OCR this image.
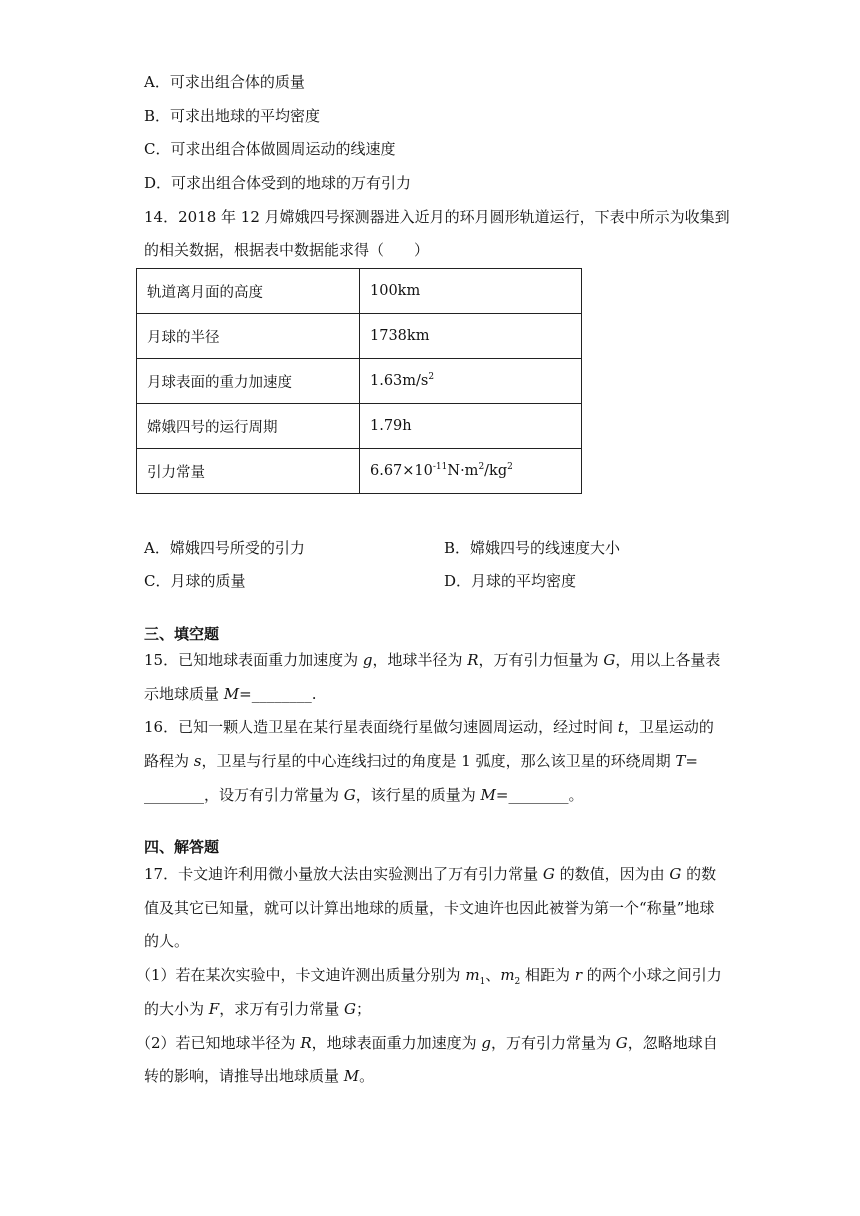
A．可求出组合体的质量
B．可求出地球的平均密度
C．可求出组合体做圆周运动的线速度
D．可求出组合体受到的地球的万有引力
14．2018 年 12 月嫦娥四号探测器进入近月的环月圆形轨道运行，下表中所示为收集到
的相关数据，根据表中数据能求得（　　）
轨道离月面的高度	100km
月球的半径	1738km
月球表面的重力加速度	$1.63m/s^2$
嫦娥四号的运行周期	1.79h
引力常量	$6.67\times 10^{-11}N\cdot m^2/kg^2$
A．嫦娥四号所受的引力	B．嫦娥四号的线速度大小
C．月球的质量	D．月球的平均密度
三、填空题
15．已知地球表面重力加速度为 g，地球半径为 R，万有引力恒量为 G，用以上各量表
示地球质量 M=________.
16．已知一颗人造卫星在某行星表面绕行星做匀速圆周运动，经过时间 t，卫星运动的
路程为 s，卫星与行星的中心连线扫过的角度是 1 弧度，那么该卫星的环绕周期 T=
________，设万有引力常量为 G，该行星的质量为 M=________。
四、解答题
17．卡文迪许利用微小量放大法由实验测出了万有引力常量 G 的数值，因为由 G 的数
值及其它已知量，就可以计算出地球的质量，卡文迪许也因此被誉为第一个“称量”地球
的人。
（1）若在某次实验中，卡文迪许测出质量分别为 $m_1$、$m_2$ 相距为 r 的两个小球之间引力
的大小为 F，求万有引力常量 G；
（2）若已知地球半径为 R，地球表面重力加速度为 g，万有引力常量为 G，忽略地球自
转的影响，请推导出地球质量 M。
